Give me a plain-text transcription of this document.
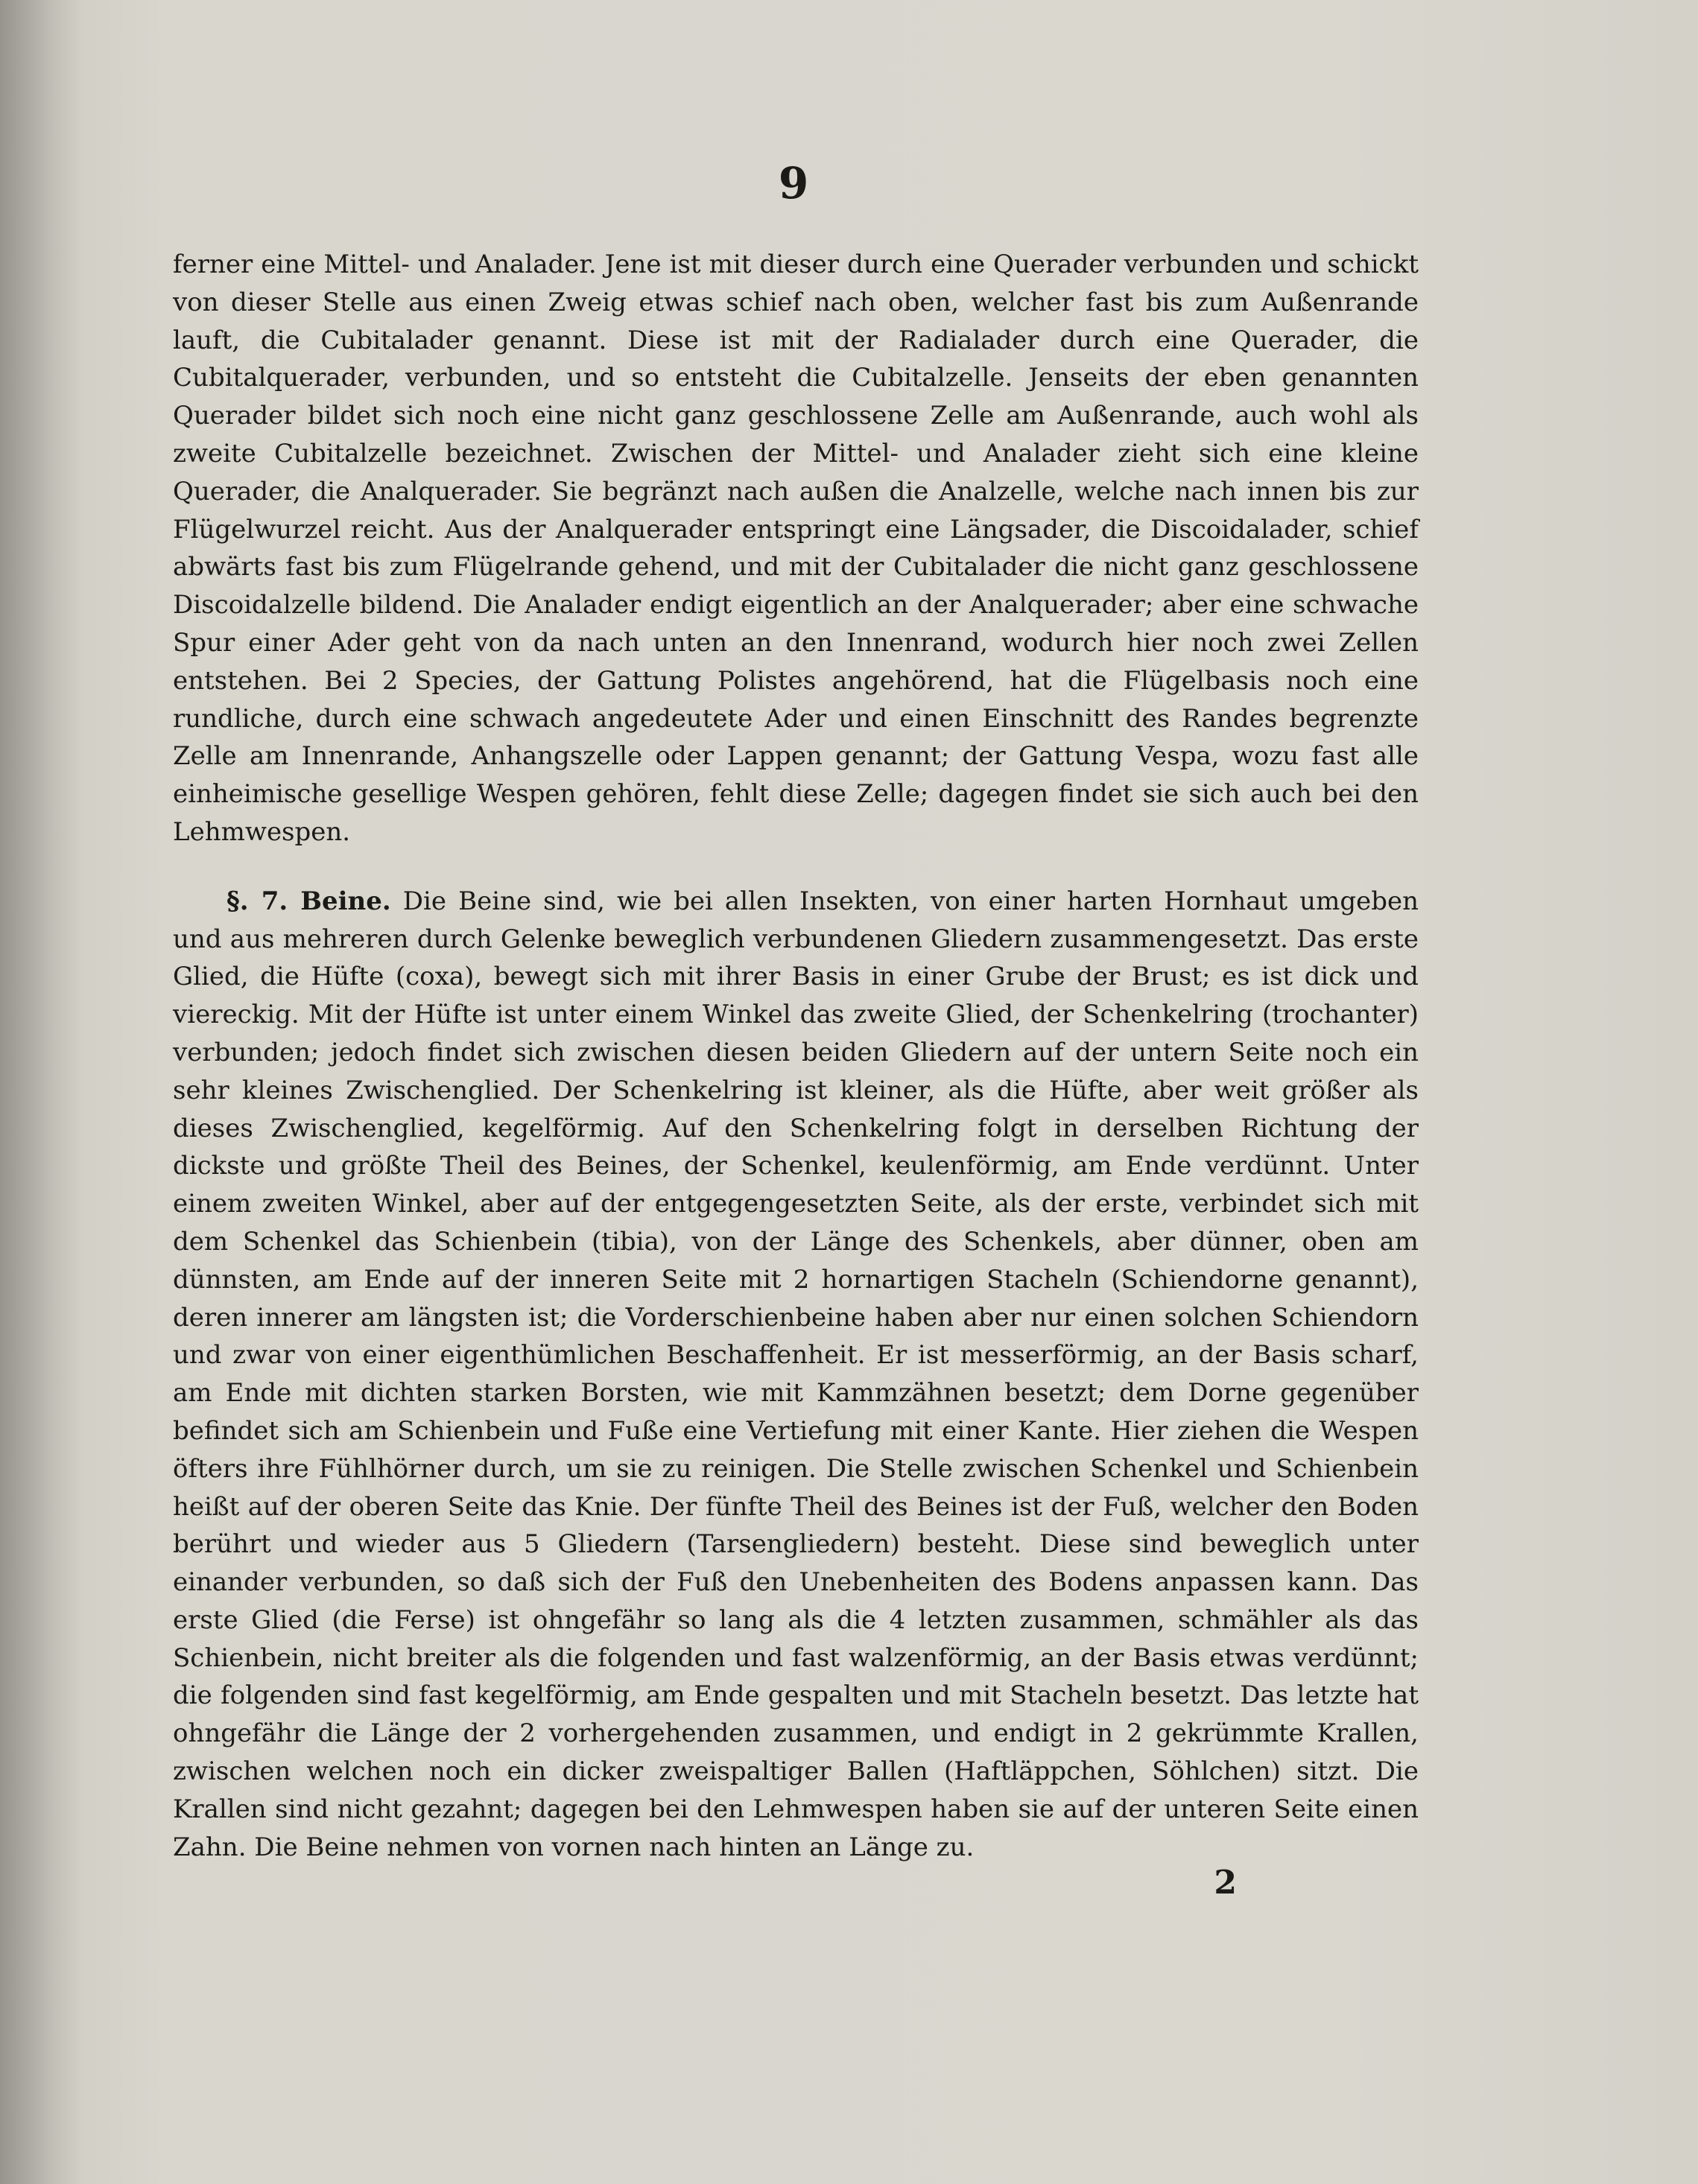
9

ferner eine Mittel- und Analader. Jene ist mit dieser durch eine Querader verbunden und schickt von dieser Stelle aus einen Zweig etwas schief nach oben, welcher fast bis zum Außenrande lauft, die Cubitalader genannt. Diese ist mit der Radialader durch eine Querader, die Cubitalquerader, verbunden, und so entsteht die Cubitalzelle. Jenseits der eben genannten Querader bildet sich noch eine nicht ganz geschlossene Zelle am Außenrande, auch wohl als zweite Cubitalzelle bezeichnet. Zwischen der Mittel- und Analader zieht sich eine kleine Querader, die Analquerader. Sie begränzt nach außen die Analzelle, welche nach innen bis zur Flügelwurzel reicht. Aus der Analquerader entspringt eine Längsader, die Discoidalader, schief abwärts fast bis zum Flügelrande gehend, und mit der Cubitalader die nicht ganz geschlossene Discoidalzelle bildend. Die Analader endigt eigentlich an der Analquerader; aber eine schwache Spur einer Ader geht von da nach unten an den Innenrand, wodurch hier noch zwei Zellen entstehen. Bei 2 Species, der Gattung Polistes angehörend, hat die Flügelbasis noch eine rundliche, durch eine schwach angedeutete Ader und einen Einschnitt des Randes begrenzte Zelle am Innenrande, Anhangszelle oder Lappen genannt; der Gattung Vespa, wozu fast alle einheimische gesellige Wespen gehören, fehlt diese Zelle; dagegen findet sie sich auch bei den Lehmwespen.

§. 7. Beine. Die Beine sind, wie bei allen Insekten, von einer harten Hornhaut umgeben und aus mehreren durch Gelenke beweglich verbundenen Gliedern zusammengesetzt. Das erste Glied, die Hüfte (coxa), bewegt sich mit ihrer Basis in einer Grube der Brust; es ist dick und viereckig. Mit der Hüfte ist unter einem Winkel das zweite Glied, der Schenkelring (trochanter) verbunden; jedoch findet sich zwischen diesen beiden Gliedern auf der untern Seite noch ein sehr kleines Zwischenglied. Der Schenkelring ist kleiner, als die Hüfte, aber weit größer als dieses Zwischenglied, kegelförmig. Auf den Schenkelring folgt in derselben Richtung der dickste und größte Theil des Beines, der Schenkel, keulenförmig, am Ende verdünnt. Unter einem zweiten Winkel, aber auf der entgegengesetzten Seite, als der erste, verbindet sich mit dem Schenkel das Schienbein (tibia), von der Länge des Schenkels, aber dünner, oben am dünnsten, am Ende auf der inneren Seite mit 2 hornartigen Stacheln (Schiendorne genannt), deren innerer am längsten ist; die Vorderschienbeine haben aber nur einen solchen Schiendorn und zwar von einer eigenthümlichen Beschaffenheit. Er ist messerförmig, an der Basis scharf, am Ende mit dichten starken Borsten, wie mit Kammzähnen besetzt; dem Dorne gegenüber befindet sich am Schienbein und Fuße eine Vertiefung mit einer Kante. Hier ziehen die Wespen öfters ihre Fühlhörner durch, um sie zu reinigen. Die Stelle zwischen Schenkel und Schienbein heißt auf der oberen Seite das Knie. Der fünfte Theil des Beines ist der Fuß, welcher den Boden berührt und wieder aus 5 Gliedern (Tarsengliedern) besteht. Diese sind beweglich unter einander verbunden, so daß sich der Fuß den Unebenheiten des Bodens anpassen kann. Das erste Glied (die Ferse) ist ohngefähr so lang als die 4 letzten zusammen, schmähler als das Schienbein, nicht breiter als die folgenden und fast walzenförmig, an der Basis etwas verdünnt; die folgenden sind fast kegelförmig, am Ende gespalten und mit Stacheln besetzt. Das letzte hat ohngefähr die Länge der 2 vorhergehenden zusammen, und endigt in 2 gekrümmte Krallen, zwischen welchen noch ein dicker zweispaltiger Ballen (Haftläppchen, Söhlchen) sitzt. Die Krallen sind nicht gezahnt; dagegen bei den Lehmwespen haben sie auf der unteren Seite einen Zahn. Die Beine nehmen von vornen nach hinten an Länge zu.

2
